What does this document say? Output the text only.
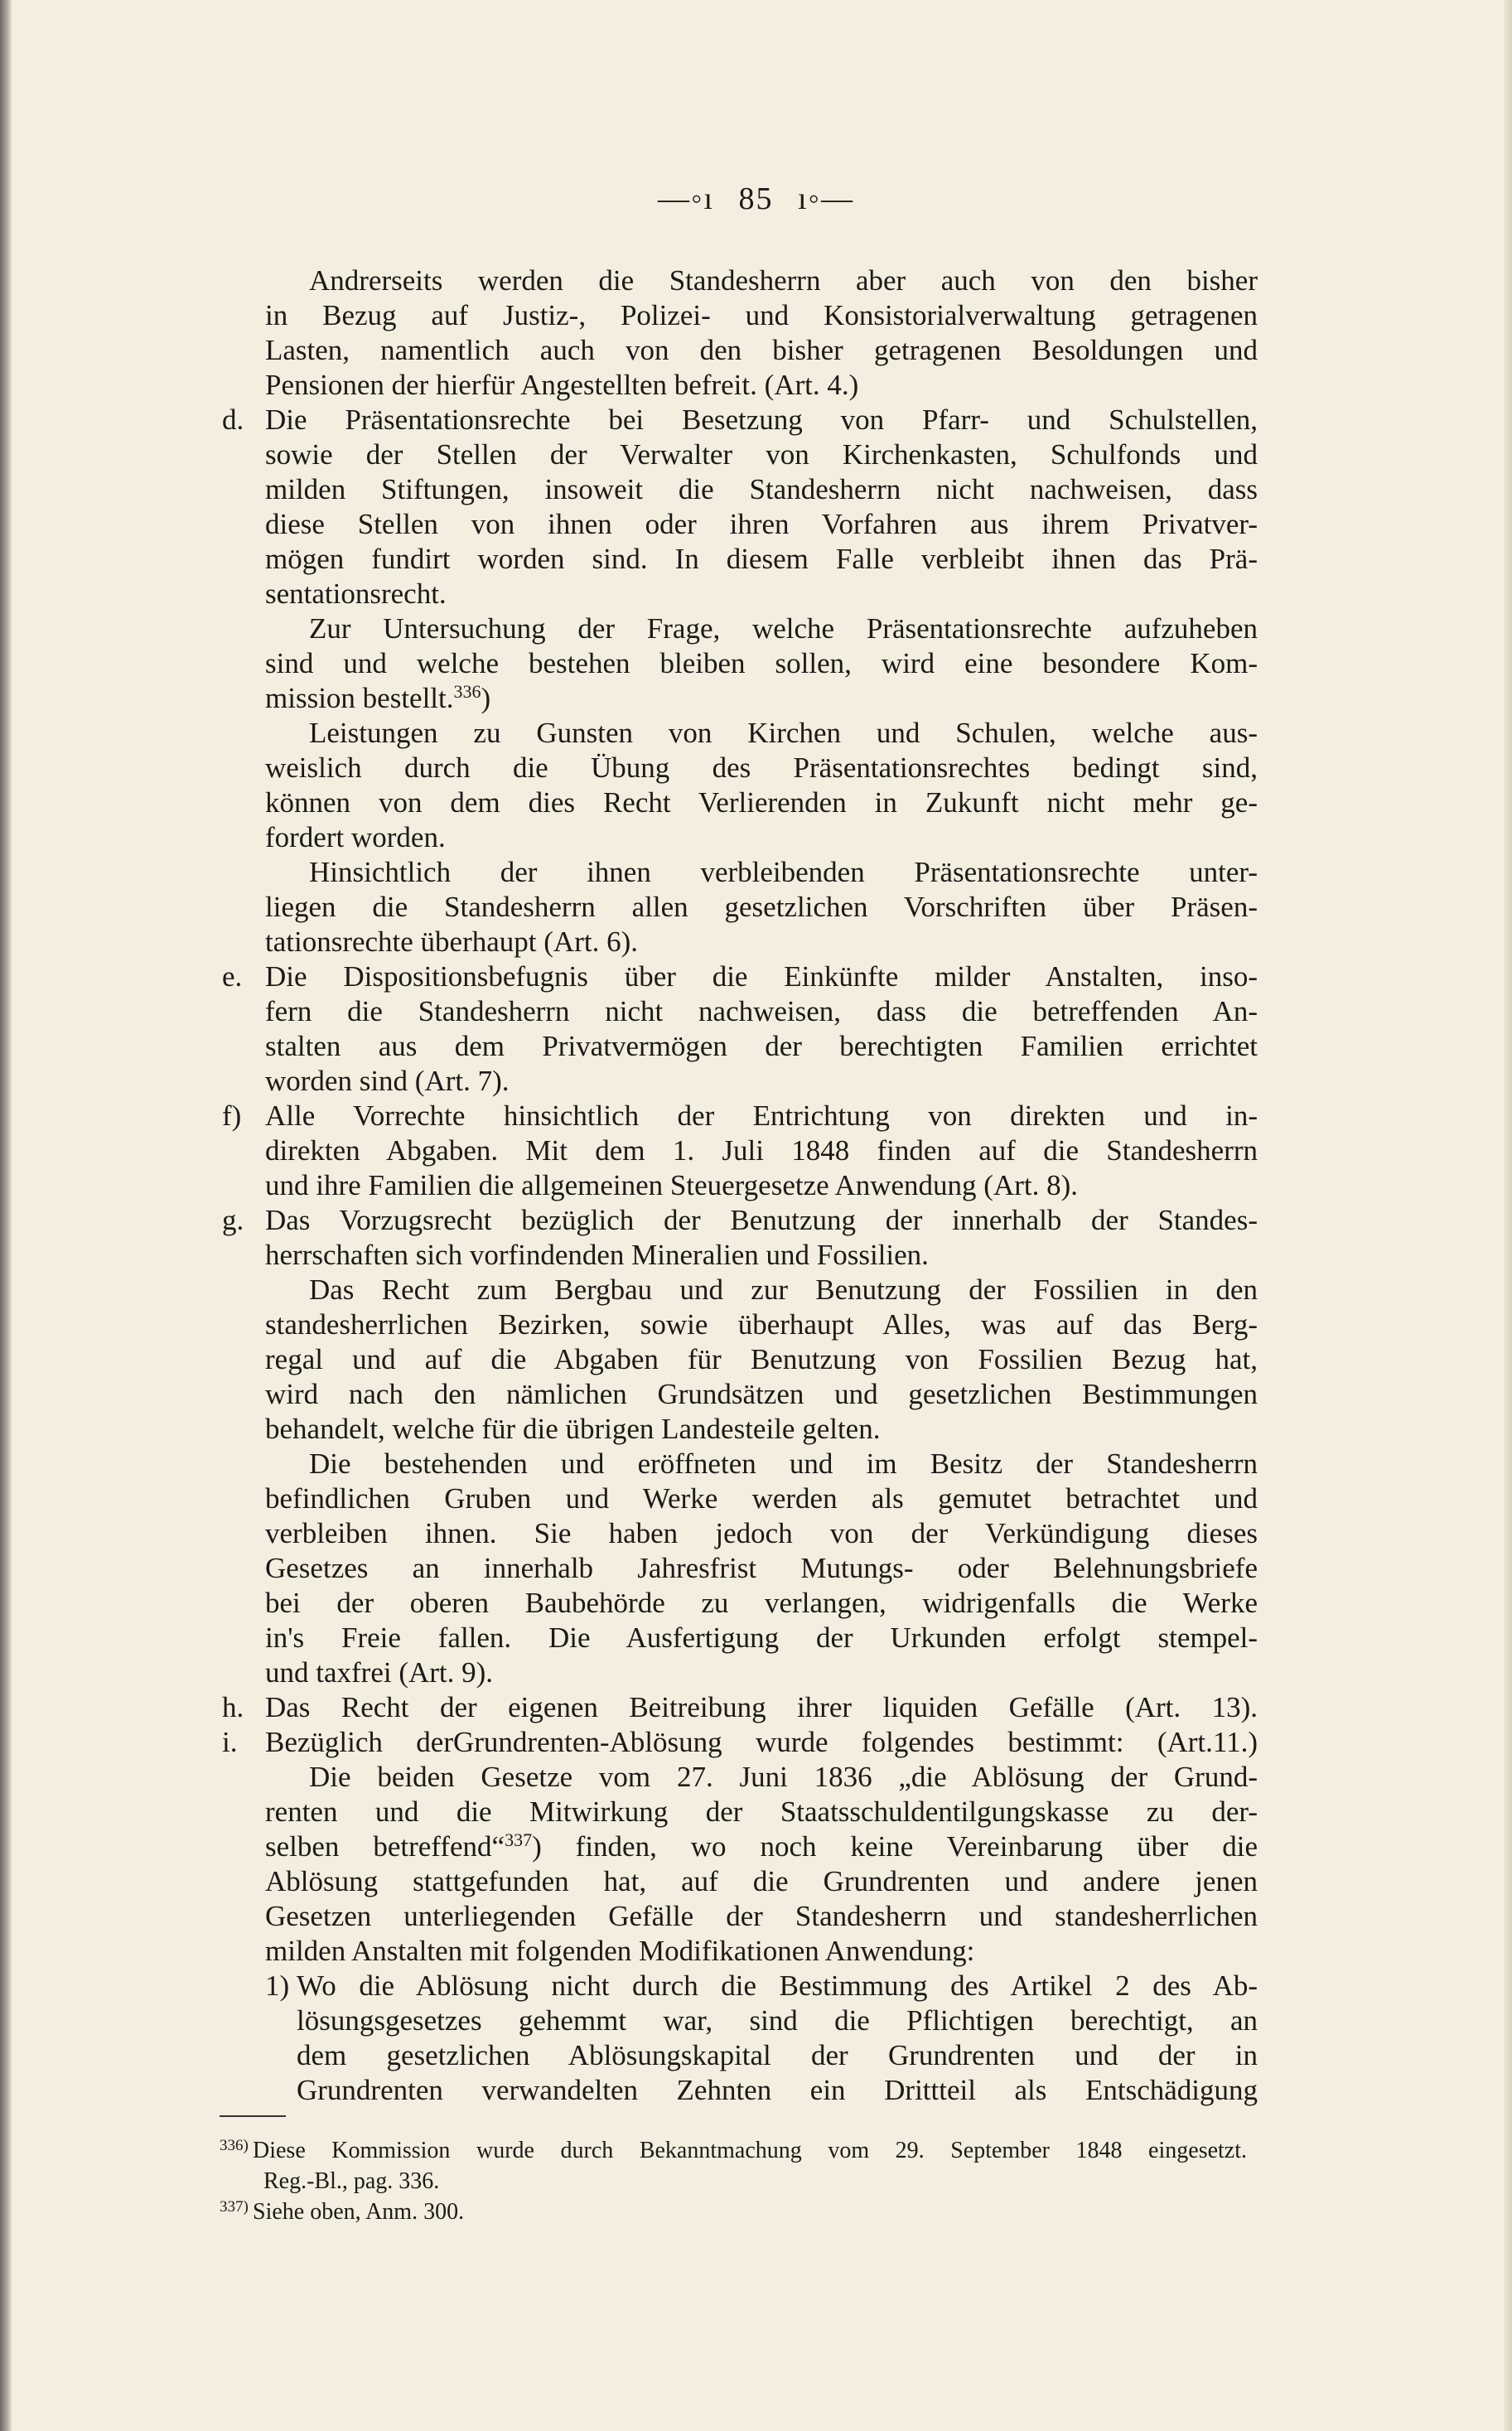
—◦ı 85 ı◦—
Andrerseits werden die Standesherrn aber auch von den bisher
in Bezug auf Justiz-, Polizei- und Konsistorialverwaltung getragenen
Lasten, namentlich auch von den bisher getragenen Besoldungen und
Pensionen der hierfür Angestellten befreit. (Art. 4.)
d. Die Präsentationsrechte bei Besetzung von Pfarr- und Schulstellen,
sowie der Stellen der Verwalter von Kirchenkasten, Schulfonds und
milden Stiftungen, insoweit die Standesherrn nicht nachweisen, dass
diese Stellen von ihnen oder ihren Vorfahren aus ihrem Privatver-
mögen fundirt worden sind. In diesem Falle verbleibt ihnen das Prä-
sentationsrecht.
Zur Untersuchung der Frage, welche Präsentationsrechte aufzuheben
sind und welche bestehen bleiben sollen, wird eine besondere Kom-
mission bestellt.$^{336}$)
Leistungen zu Gunsten von Kirchen und Schulen, welche aus-
weislich durch die Übung des Präsentationsrechtes bedingt sind,
können von dem dies Recht Verlierenden in Zukunft nicht mehr ge-
fordert worden.
Hinsichtlich der ihnen verbleibenden Präsentationsrechte unter-
liegen die Standesherrn allen gesetzlichen Vorschriften über Präsen-
tationsrechte überhaupt (Art. 6).
e. Die Dispositionsbefugnis über die Einkünfte milder Anstalten, inso-
fern die Standesherrn nicht nachweisen, dass die betreffenden An-
stalten aus dem Privatvermögen der berechtigten Familien errichtet
worden sind (Art. 7).
f) Alle Vorrechte hinsichtlich der Entrichtung von direkten und in-
direkten Abgaben. Mit dem 1. Juli 1848 finden auf die Standesherrn
und ihre Familien die allgemeinen Steuergesetze Anwendung (Art. 8).
g. Das Vorzugsrecht bezüglich der Benutzung der innerhalb der Standes-
herrschaften sich vorfindenden Mineralien und Fossilien.
Das Recht zum Bergbau und zur Benutzung der Fossilien in den
standesherrlichen Bezirken, sowie überhaupt Alles, was auf das Berg-
regal und auf die Abgaben für Benutzung von Fossilien Bezug hat,
wird nach den nämlichen Grundsätzen und gesetzlichen Bestimmungen
behandelt, welche für die übrigen Landesteile gelten.
Die bestehenden und eröffneten und im Besitz der Standesherrn
befindlichen Gruben und Werke werden als gemutet betrachtet und
verbleiben ihnen. Sie haben jedoch von der Verkündigung dieses
Gesetzes an innerhalb Jahresfrist Mutungs- oder Belehnungsbriefe
bei der oberen Baubehörde zu verlangen, widrigenfalls die Werke
in's Freie fallen. Die Ausfertigung der Urkunden erfolgt stempel-
und taxfrei (Art. 9).
h. Das Recht der eigenen Beitreibung ihrer liquiden Gefälle (Art. 13).
i. Bezüglich derGrundrenten-Ablösung wurde folgendes bestimmt: (Art.11.)
Die beiden Gesetze vom 27. Juni 1836 „die Ablösung der Grund-
renten und die Mitwirkung der Staatsschuldentilgungskasse zu der-
selben betreffend“$^{337}$) finden, wo noch keine Vereinbarung über die
Ablösung stattgefunden hat, auf die Grundrenten und andere jenen
Gesetzen unterliegenden Gefälle der Standesherrn und standesherrlichen
milden Anstalten mit folgenden Modifikationen Anwendung:
1) Wo die Ablösung nicht durch die Bestimmung des Artikel 2 des Ab-
lösungsgesetzes gehemmt war, sind die Pflichtigen berechtigt, an
dem gesetzlichen Ablösungskapital der Grundrenten und der in
Grundrenten verwandelten Zehnten ein Drittteil als Entschädigung
336) Diese Kommission wurde durch Bekanntmachung vom 29. September 1848 eingesetzt.
Reg.-Bl., pag. 336.
337) Siehe oben, Anm. 300.
